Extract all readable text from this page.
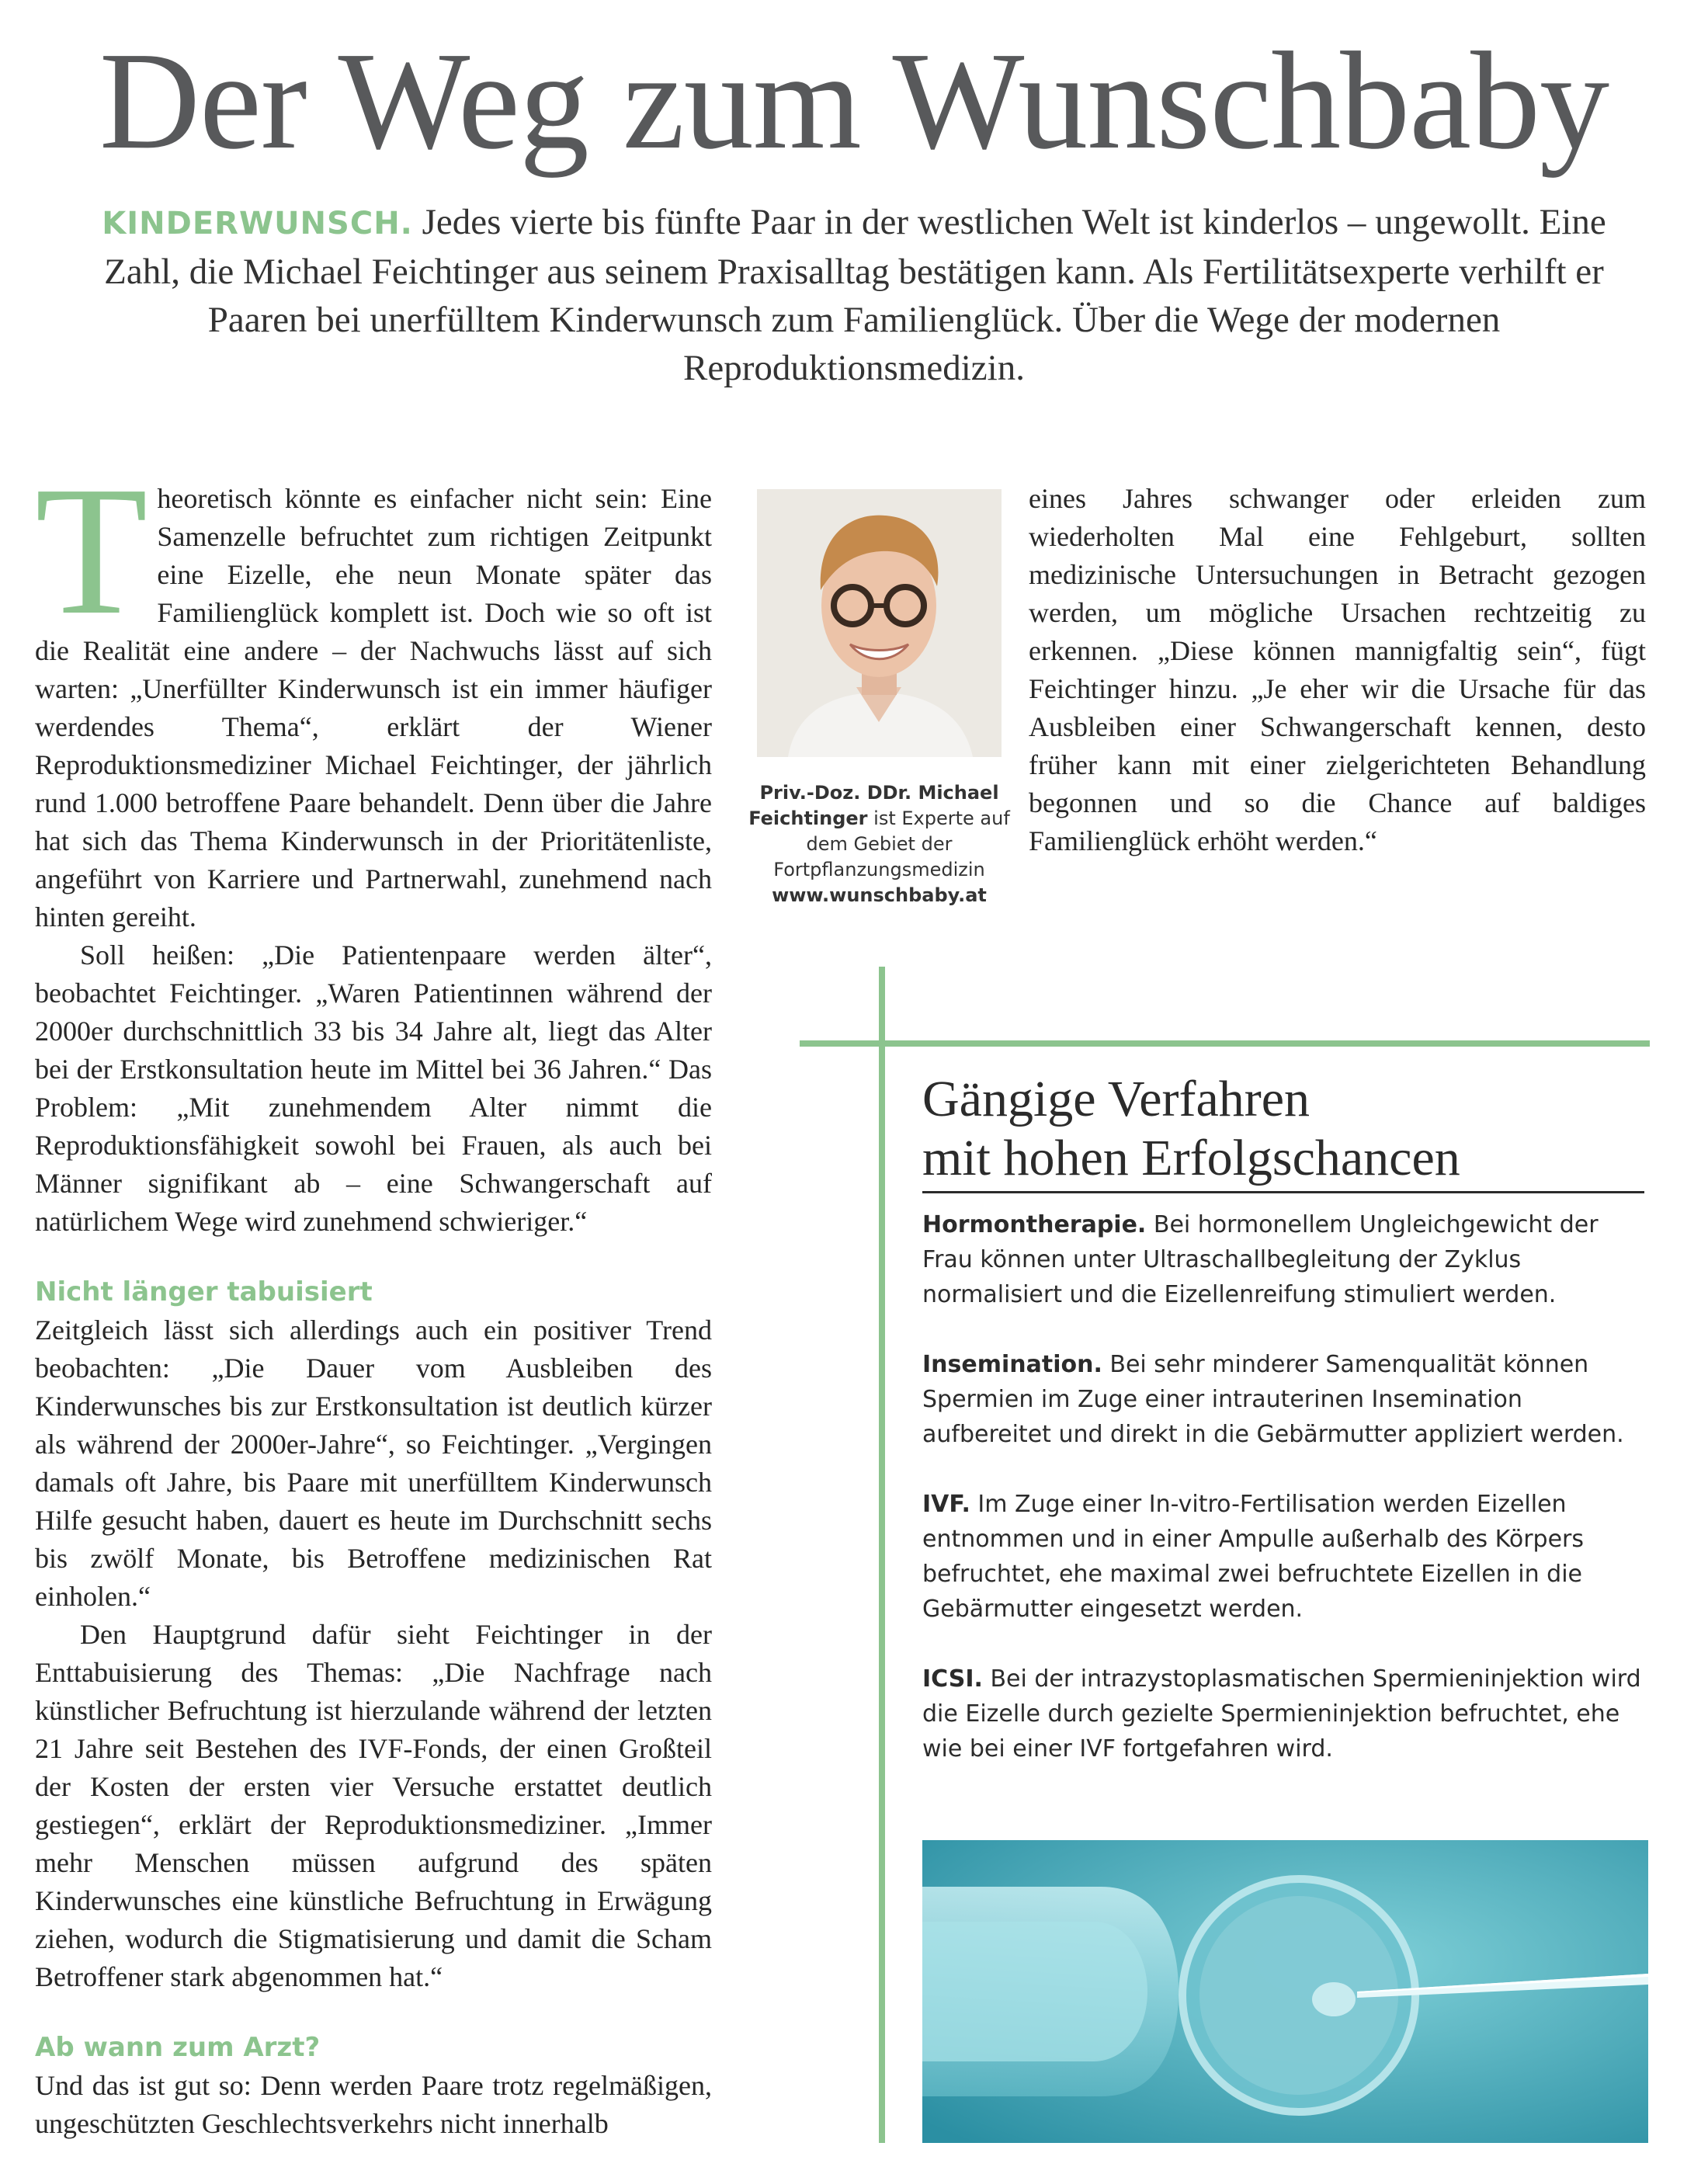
Der Weg zum Wunschbaby
KINDERWUNSCH. Jedes vierte bis fünfte Paar in der westlichen Welt ist kinderlos – ungewollt. Eine Zahl, die Michael Feichtinger aus seinem Praxisalltag bestätigen kann. Als Fertilitätsexperte verhilft er Paaren bei unerfülltem Kinderwunsch zum Familienglück. Über die Wege der modernen Reproduktionsmedizin.

Theoretisch könnte es einfacher nicht sein: Eine Samenzelle befruchtet zum richtigen Zeitpunkt eine Eizelle, ehe neun Monate später das Familienglück komplett ist. Doch wie so oft ist die Realität eine andere – der Nachwuchs lässt auf sich warten: „Unerfüllter Kinderwunsch ist ein immer häufiger werdendes Thema“, erklärt der Wiener Reproduktionsmediziner Michael Feichtinger, der jährlich rund 1.000 betroffene Paare behandelt. Denn über die Jahre hat sich das Thema Kinderwunsch in der Prioritätenliste, angeführt von Karriere und Partnerwahl, zunehmend nach hinten gereiht.

Soll heißen: „Die Patientenpaare werden älter“, beobachtet Feichtinger. „Waren Patientinnen während der 2000er durchschnittlich 33 bis 34 Jahre alt, liegt das Alter bei der Erstkonsultation heute im Mittel bei 36 Jahren.“ Das Problem: „Mit zunehmendem Alter nimmt die Reproduktionsfähigkeit sowohl bei Frauen, als auch bei Männer signifikant ab – eine Schwangerschaft auf natürlichem Wege wird zunehmend schwieriger.“

Nicht länger tabuisiert

Zeitgleich lässt sich allerdings auch ein positiver Trend beobachten: „Die Dauer vom Ausbleiben des Kinderwunsches bis zur Erstkonsultation ist deutlich kürzer als während der 2000er-Jahre“, so Feichtinger. „Vergingen damals oft Jahre, bis Paare mit unerfülltem Kinderwunsch Hilfe gesucht haben, dauert es heute im Durchschnitt sechs bis zwölf Monate, bis Betroffene medizinischen Rat einholen.“

Den Hauptgrund dafür sieht Feichtinger in der Enttabuisierung des Themas: „Die Nachfrage nach künstlicher Befruchtung ist hierzulande während der letzten 21 Jahre seit Bestehen des IVF-Fonds, der einen Großteil der Kosten der ersten vier Versuche erstattet deutlich gestiegen“, erklärt der Reproduktionsmediziner. „Immer mehr Menschen müssen aufgrund des späten Kinderwunsches eine künstliche Befruchtung in Erwägung ziehen, wodurch die Stigmatisierung und damit die Scham Betroffener stark abgenommen hat.“

Ab wann zum Arzt?

Und das ist gut so: Denn werden Paare trotz regelmäßigen, ungeschützten Geschlechtsverkehrs nicht innerhalb

Priv.-Doz. DDr. Michael Feichtinger ist Experte auf dem Gebiet der Fortpflanzungsmedizin
www.wunschbaby.at

eines Jahres schwanger oder erleiden zum wiederholten Mal eine Fehlgeburt, sollten medizinische Untersuchungen in Betracht gezogen werden, um mögliche Ursachen rechtzeitig zu erkennen. „Diese können mannigfaltig sein“, fügt Feichtinger hinzu. „Je eher wir die Ursache für das Ausbleiben einer Schwangerschaft kennen, desto früher kann mit einer zielgerichteten Behandlung begonnen und so die Chance auf baldiges Familienglück erhöht werden.“

Gängige Verfahren
mit hohen Erfolgschancen

Hormontherapie. Bei hormonellem Ungleichgewicht der Frau können unter Ultraschallbegleitung der Zyklus normalisiert und die Eizellenreifung stimuliert werden.

Insemination. Bei sehr minderer Samenqualität können Spermien im Zuge einer intrauterinen Insemination aufbereitet und direkt in die Gebärmutter appliziert werden.

IVF. Im Zuge einer In-vitro-Fertilisation werden Eizellen entnommen und in einer Ampulle außerhalb des Körpers befruchtet, ehe maximal zwei befruchtete Eizellen in die Gebärmutter eingesetzt werden.

ICSI. Bei der intrazystoplasmatischen Spermieninjektion wird die Eizelle durch gezielte Spermieninjektion befruchtet, ehe wie bei einer IVF fortgefahren wird.
